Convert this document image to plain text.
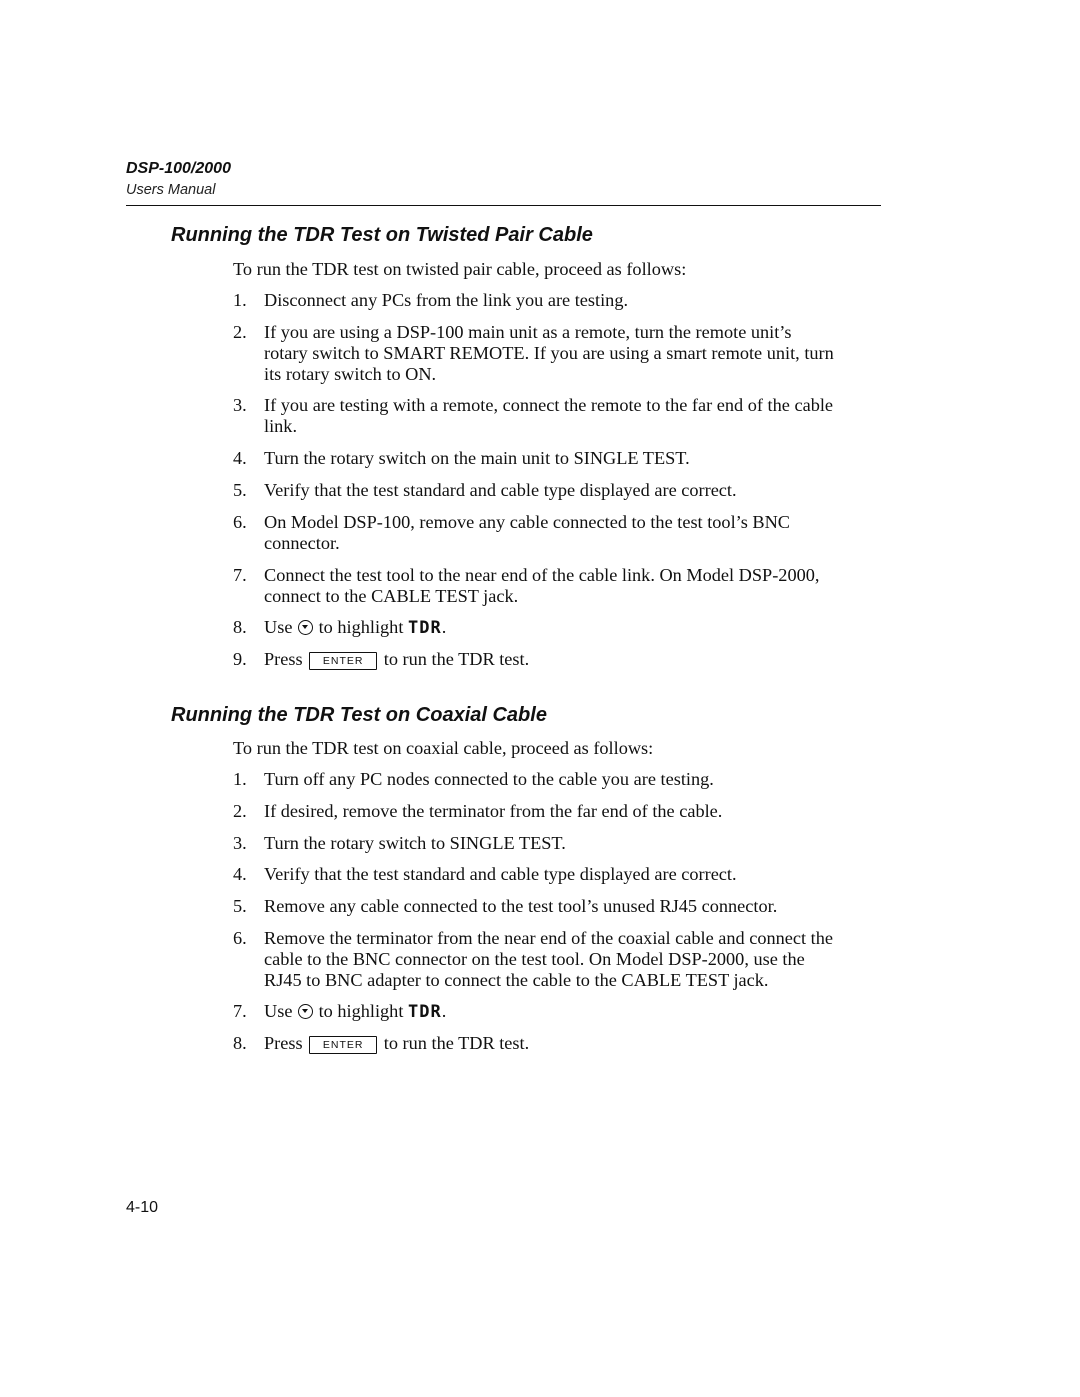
DSP-100/2000
Users Manual
Running the TDR Test on Twisted Pair Cable
To run the TDR test on twisted pair cable, proceed as follows:
1. Disconnect any PCs from the link you are testing.
2. If you are using a DSP-100 main unit as a remote, turn the remote unit’s
rotary switch to SMART REMOTE. If you are using a smart remote unit, turn
its rotary switch to ON.
3. If you are testing with a remote, connect the remote to the far end of the cable
link.
4. Turn the rotary switch on the main unit to SINGLE TEST.
5. Verify that the test standard and cable type displayed are correct.
6. On Model DSP-100, remove any cable connected to the test tool’s BNC
connector.
7. Connect the test tool to the near end of the cable link. On Model DSP-2000,
connect to the CABLE TEST jack.
8. Use to highlight TDR.
9. Press ENTER to run the TDR test.
Running the TDR Test on Coaxial Cable
To run the TDR test on coaxial cable, proceed as follows:
1. Turn off any PC nodes connected to the cable you are testing.
2. If desired, remove the terminator from the far end of the cable.
3. Turn the rotary switch to SINGLE TEST.
4. Verify that the test standard and cable type displayed are correct.
5. Remove any cable connected to the test tool’s unused RJ45 connector.
6. Remove the terminator from the near end of the coaxial cable and connect the
cable to the BNC connector on the test tool. On Model DSP-2000, use the
RJ45 to BNC adapter to connect the cable to the CABLE TEST jack.
7. Use to highlight TDR.
8. Press ENTER to run the TDR test.
4-10
